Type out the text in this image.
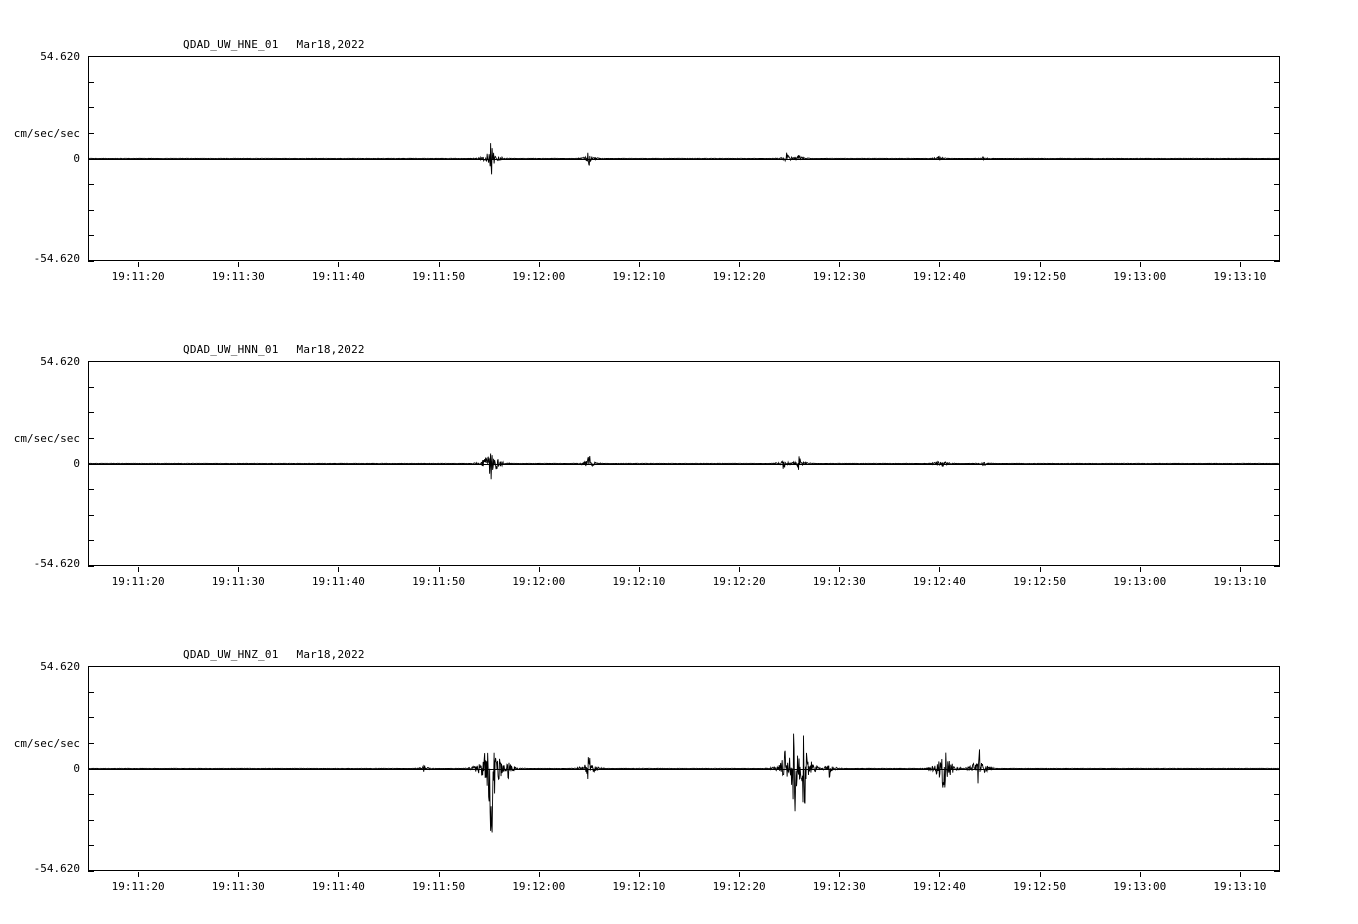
QDAD_UW_HNE_01 Mar18,2022
54.620
cm/sec/sec
0
-54.620
19:11:20	19:11:30	19:11:40	19:11:50	19:12:00	19:12:10	19:12:20	19:12:30	19:12:40	19:12:50	19:13:00	19:13:10
QDAD_UW_HNN_01 Mar18,2022
54.620
cm/sec/sec
0
-54.620
19:11:20	19:11:30	19:11:40	19:11:50	19:12:00	19:12:10	19:12:20	19:12:30	19:12:40	19:12:50	19:13:00	19:13:10
QDAD_UW_HNZ_01 Mar18,2022
54.620
cm/sec/sec
0
-54.620
19:11:20	19:11:30	19:11:40	19:11:50	19:12:00	19:12:10	19:12:20	19:12:30	19:12:40	19:12:50	19:13:00	19:13:10
